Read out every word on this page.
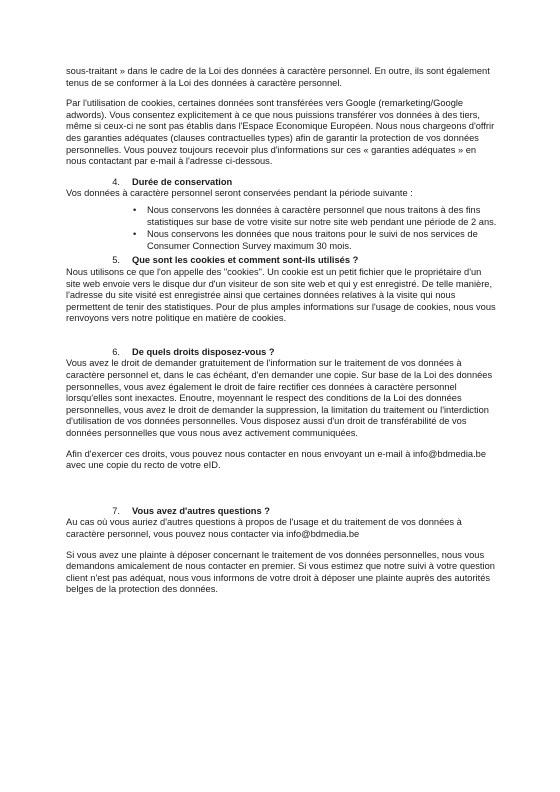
sous-traitant » dans le cadre de la Loi des données à caractère personnel. En outre, ils sont également tenus de se conformer à la Loi des données à caractère personnel.

Par l'utilisation de cookies, certaines données sont transférées vers Google (remarketing/Google adwords). Vous consentez explicitement à ce que nous puissions transférer vos données à des tiers, même si ceux-ci ne sont pas établis dans l'Espace Economique Européen. Nous nous chargeons d'offrir des garanties adéquates (clauses contractuelles types) afin de garantir la protection de vos données personnelles. Vous pouvez toujours recevoir plus d'informations sur ces « garanties adéquates » en nous contactant par e-mail à l'adresse ci-dessous.

4.	Durée de conservation

Vos données à caractère personnel seront conservées pendant la période suivante :

• Nous conservons les données à caractère personnel que nous traitons à des fins statistiques sur base de votre visite sur notre site web pendant une période de 2 ans.
• Nous conservons les données que nous traitons pour le suivi de nos services de Consumer Connection Survey maximum 30 mois.
5.	Que sont les cookies et comment sont-ils utilisés ?

Nous utilisons ce que l'on appelle des "cookies". Un cookie est un petit fichier que le propriétaire d'un site web envoie vers le disque dur d'un visiteur de son site web et qui y est enregistré. De telle manière, l'adresse du site visité est enregistrée ainsi que certaines données relatives à la visite qui nous permettent de tenir des statistiques. Pour de plus amples informations sur l'usage de cookies, nous vous renvoyons vers notre politique en matière de cookies.

6.	De quels droits disposez-vous ?

Vous avez le droit de demander gratuitement de l'information sur le traitement de vos données à caractère personnel et, dans le cas échéant, d'en demander une copie. Sur base de la Loi des données personnelles, vous avez également le droit de faire rectifier ces données à caractère personnel lorsqu'elles sont inexactes. Enoutre, moyennant le respect des conditions de la Loi des données personnelles, vous avez le droit de demander la suppression, la limitation du traitement ou l'interdiction d'utilisation de vos données personnelles. Vous disposez aussi d'un droit de transférabilité de vos données personnelles que vous nous avez activement communiquées.

Afin d'exercer ces droits, vous pouvez nous contacter en nous envoyant un e-mail à info@bdmedia.be avec une copie du recto de votre eID.

7.	Vous avez d'autres questions ?

Au cas où vous auriez d'autres questions à propos de l'usage et du traitement de vos données à caractère personnel, vous pouvez nous contacter via info@bdmedia.be

Si vous avez une plainte à déposer concernant le traitement de vos données personnelles, nous vous demandons amicalement de nous contacter en premier. Si vous estimez que notre suivi à votre question client n'est pas adéquat, nous vous informons de votre droit à déposer une plainte auprès des autorités belges de la protection des données.
